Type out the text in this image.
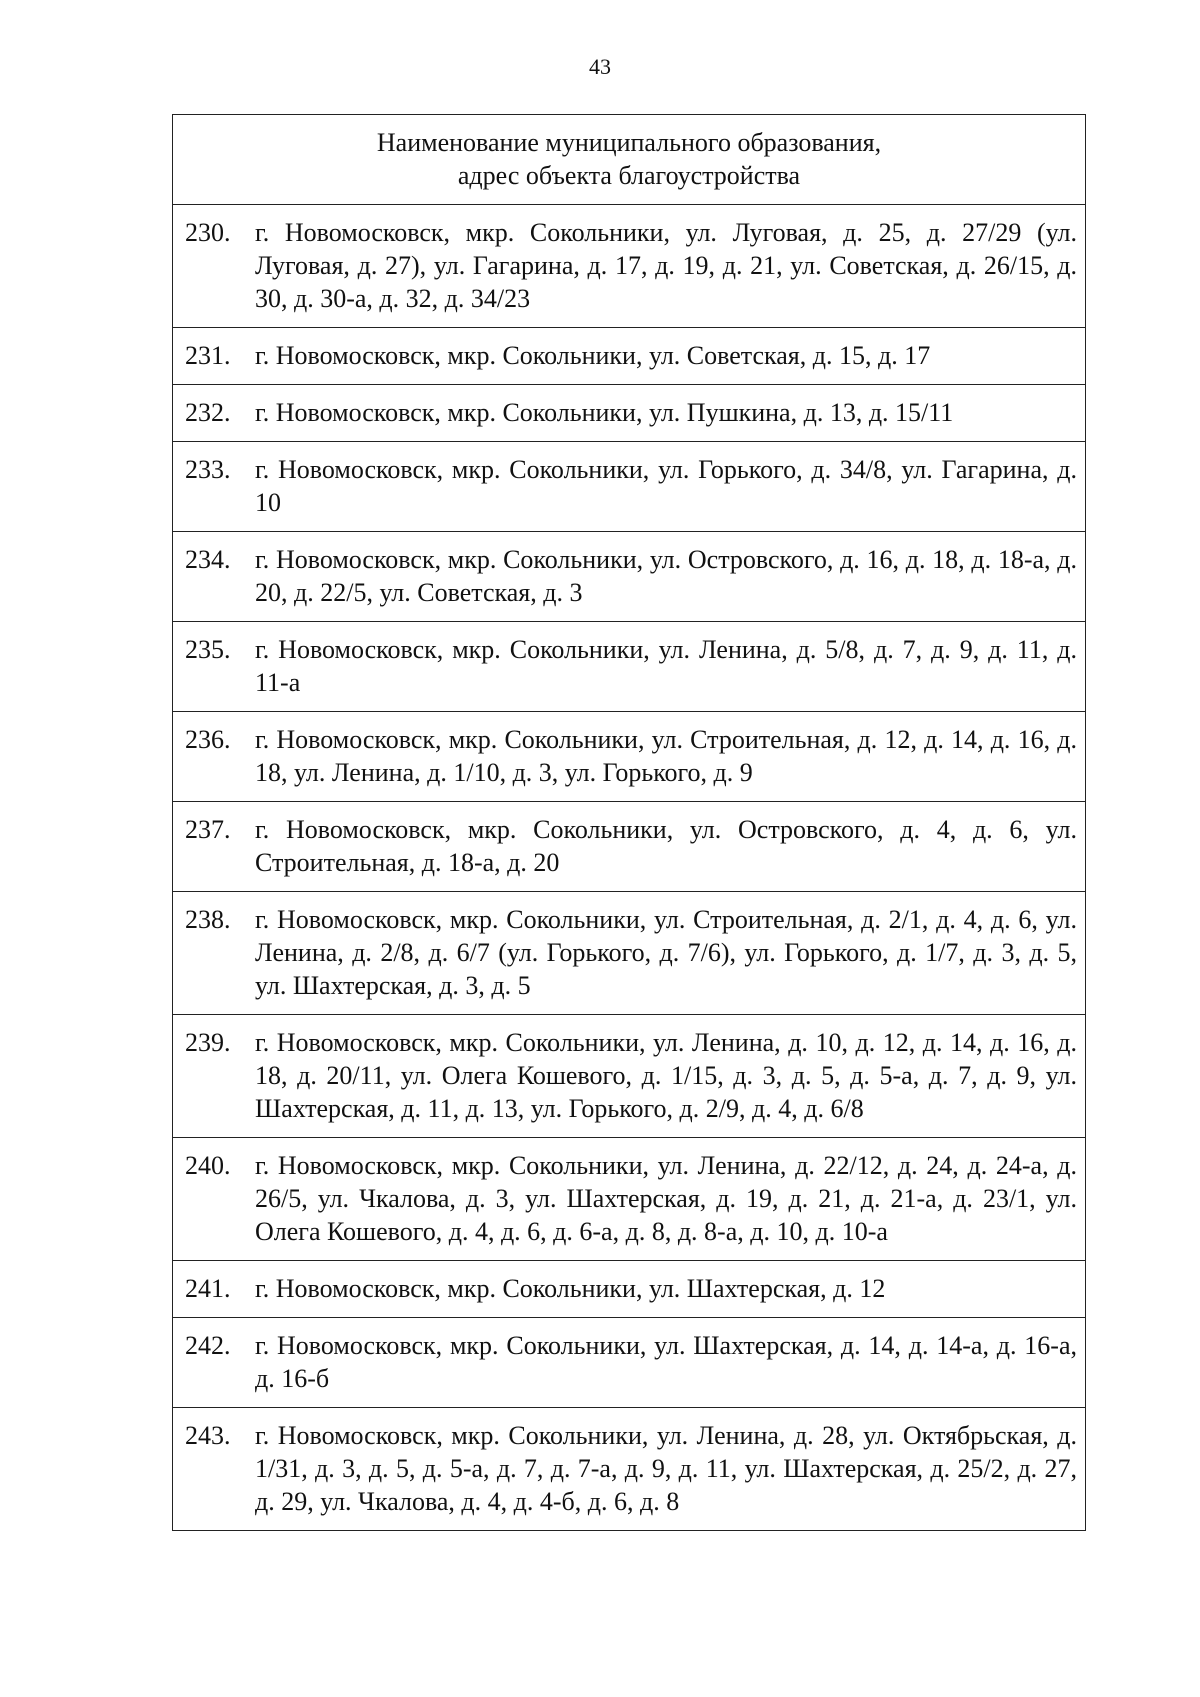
43
Наименование муниципального образования,
адрес объекта благоустройства

230. г. Новомосковск, мкр. Сокольники, ул. Луговая, д. 25, д. 27/29 (ул. Луговая, д. 27), ул. Гагарина, д. 17, д. 19, д. 21, ул. Советская, д. 26/15, д. 30, д. 30-а, д. 32, д. 34/23

231. г. Новомосковск, мкр. Сокольники, ул. Советская, д. 15, д. 17

232. г. Новомосковск, мкр. Сокольники, ул. Пушкина, д. 13, д. 15/11

233. г. Новомосковск, мкр. Сокольники, ул. Горького, д. 34/8, ул. Гагарина, д. 10

234. г. Новомосковск, мкр. Сокольники, ул. Островского, д. 16, д. 18, д. 18-а, д. 20, д. 22/5, ул. Советская, д. 3

235. г. Новомосковск, мкр. Сокольники, ул. Ленина, д. 5/8, д. 7, д. 9, д. 11, д. 11-а

236. г. Новомосковск, мкр. Сокольники, ул. Строительная, д. 12, д. 14, д. 16, д. 18, ул. Ленина, д. 1/10, д. 3, ул. Горького, д. 9

237. г. Новомосковск, мкр. Сокольники, ул. Островского, д. 4, д. 6, ул. Строительная, д. 18-а, д. 20

238. г. Новомосковск, мкр. Сокольники, ул. Строительная, д. 2/1, д. 4, д. 6, ул. Ленина, д. 2/8, д. 6/7 (ул. Горького, д. 7/6), ул. Горького, д. 1/7, д. 3, д. 5, ул. Шахтерская, д. 3, д. 5

239. г. Новомосковск, мкр. Сокольники, ул. Ленина, д. 10, д. 12, д. 14, д. 16, д. 18, д. 20/11, ул. Олега Кошевого, д. 1/15, д. 3, д. 5, д. 5-а, д. 7, д. 9, ул. Шахтерская, д. 11, д. 13, ул. Горького, д. 2/9, д. 4, д. 6/8

240. г. Новомосковск, мкр. Сокольники, ул. Ленина, д. 22/12, д. 24, д. 24-а, д. 26/5, ул. Чкалова, д. 3, ул. Шахтерская, д. 19, д. 21, д. 21-а, д. 23/1, ул. Олега Кошевого, д. 4, д. 6, д. 6-а, д. 8, д. 8-а, д. 10, д. 10-а

241. г. Новомосковск, мкр. Сокольники, ул. Шахтерская, д. 12

242. г. Новомосковск, мкр. Сокольники, ул. Шахтерская, д. 14, д. 14-а, д. 16-а, д. 16-б

243. г. Новомосковск, мкр. Сокольники, ул. Ленина, д. 28, ул. Октябрьская, д. 1/31, д. 3, д. 5, д. 5-а, д. 7, д. 7-а, д. 9, д. 11, ул. Шахтерская, д. 25/2, д. 27, д. 29, ул. Чкалова, д. 4, д. 4-б, д. 6, д. 8
